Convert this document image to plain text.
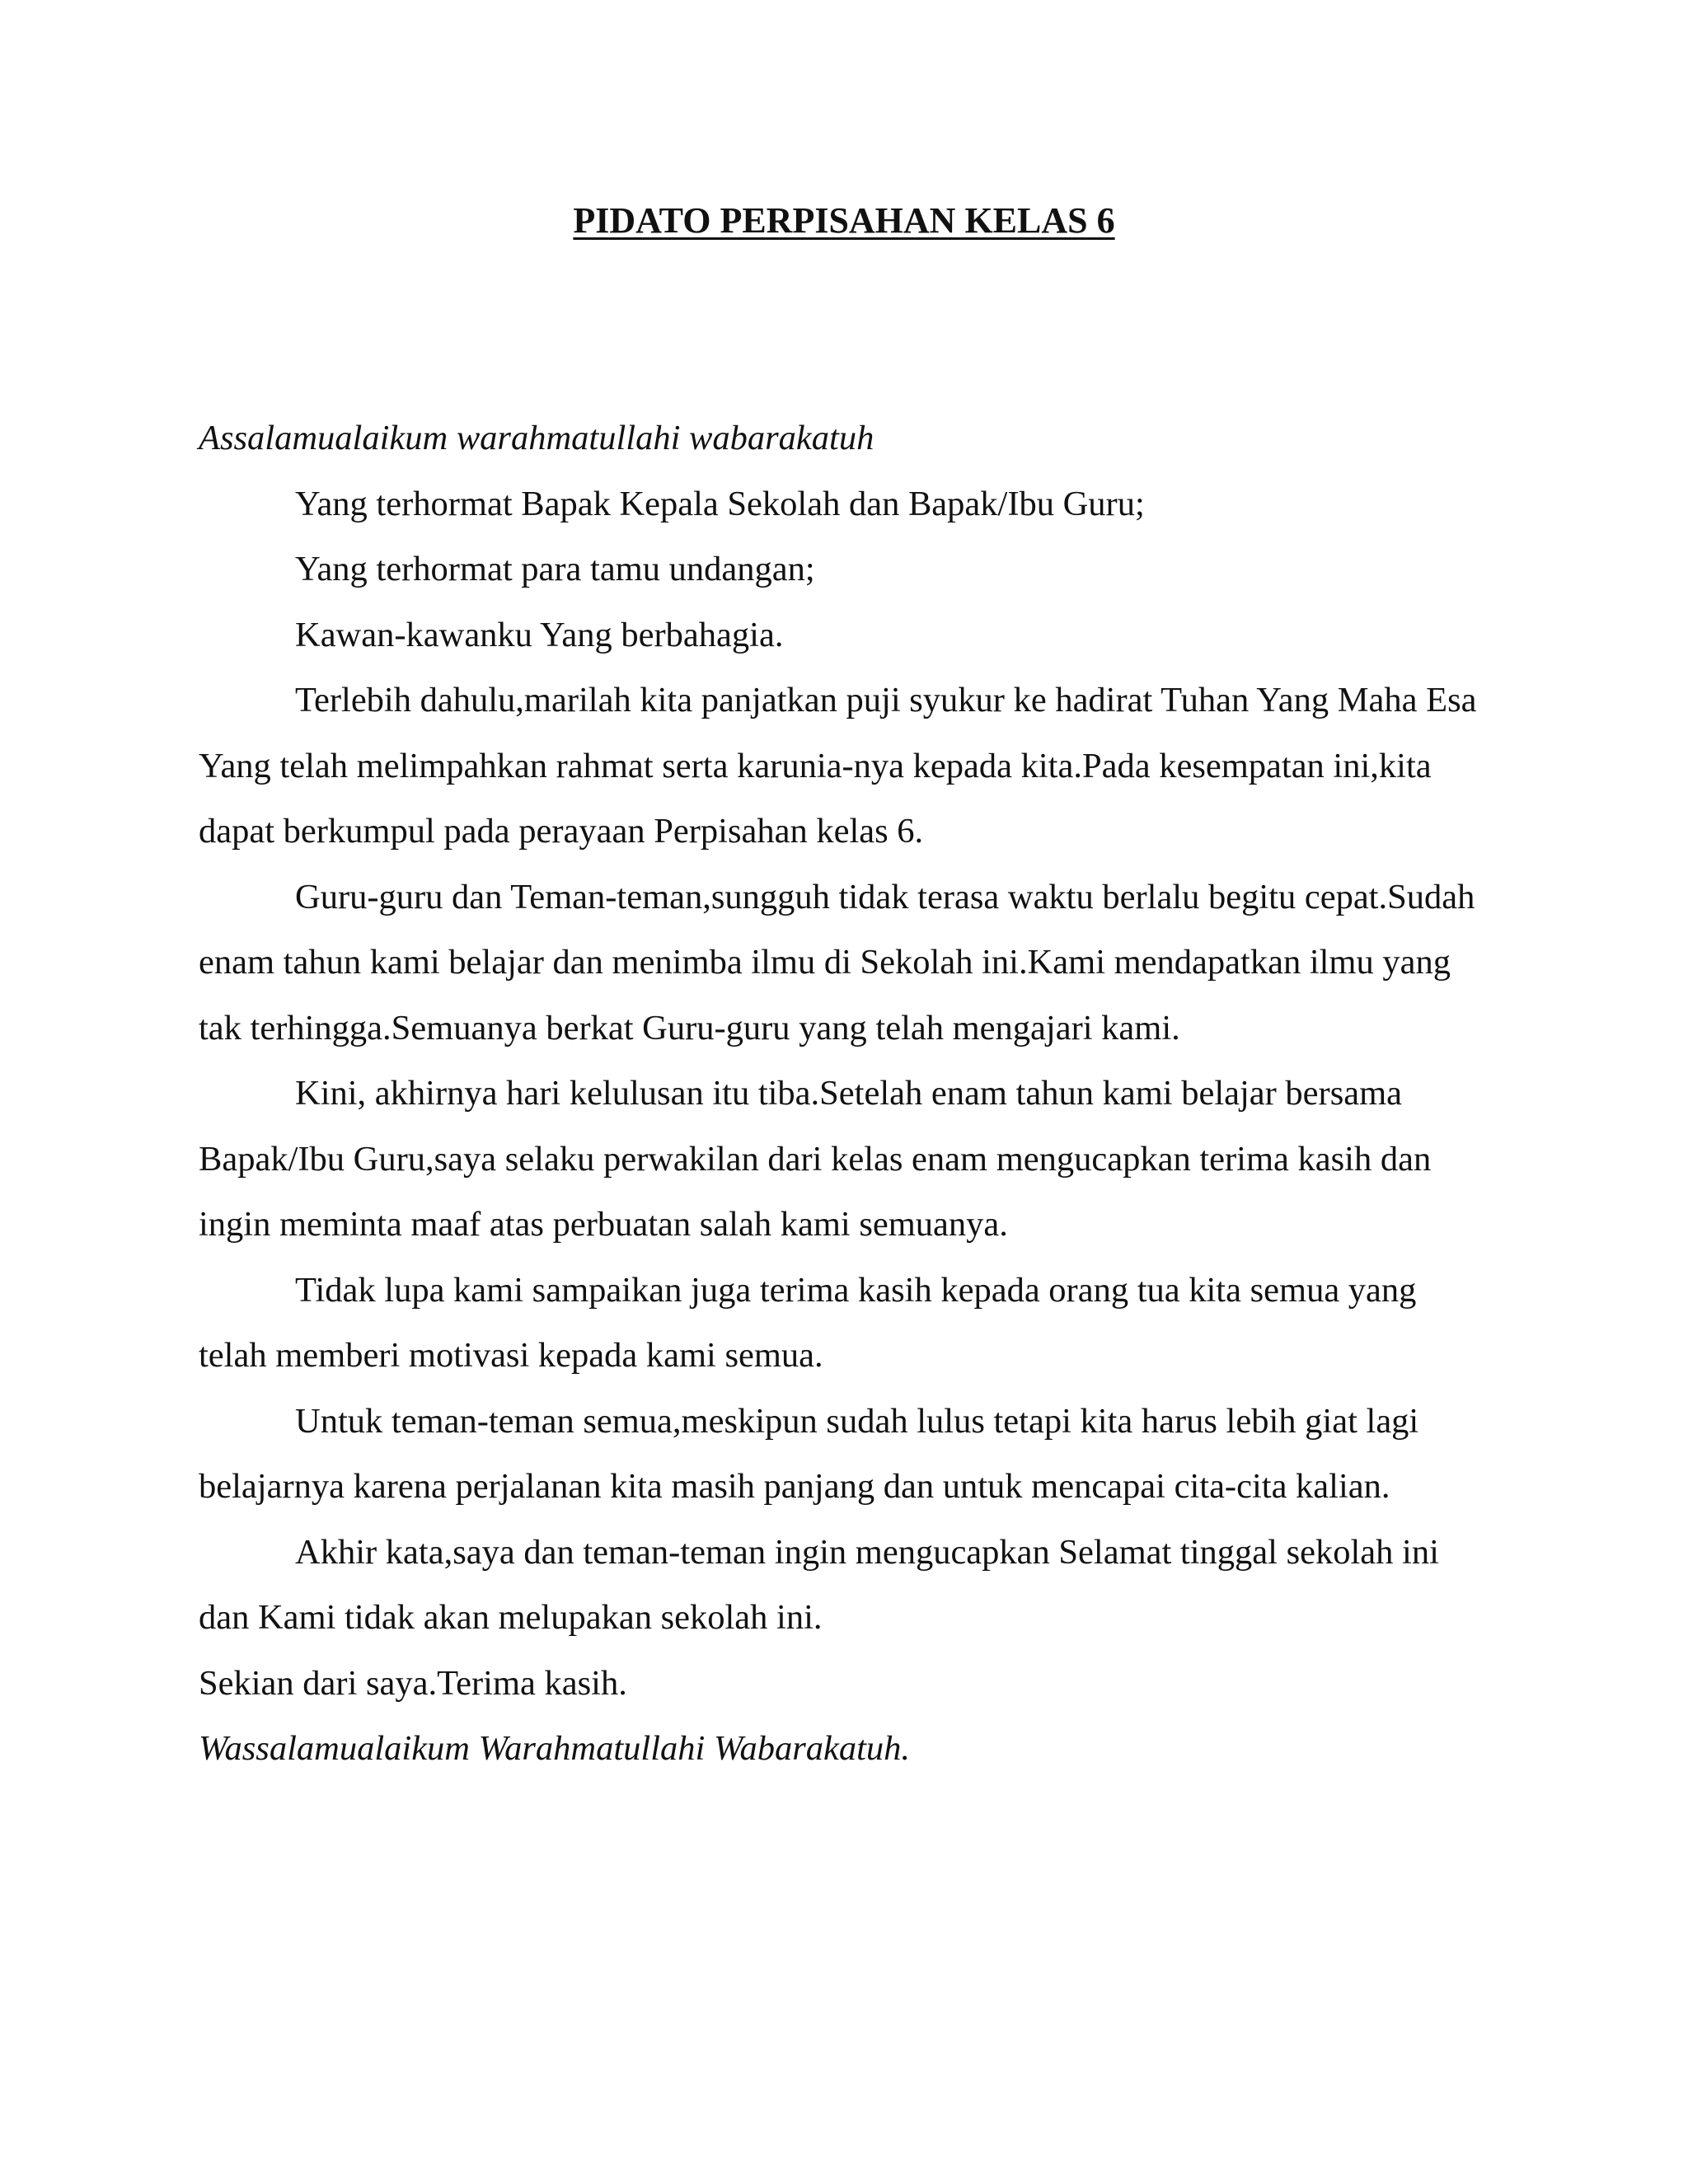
PIDATO PERPISAHAN KELAS 6

Assalamualaikum warahmatullahi wabarakatuh

Yang terhormat Bapak Kepala Sekolah dan Bapak/Ibu Guru;

Yang terhormat para tamu undangan;

Kawan-kawanku Yang berbahagia.

Terlebih dahulu,marilah kita panjatkan puji syukur ke hadirat Tuhan Yang Maha Esa Yang telah melimpahkan rahmat serta karunia-nya kepada kita.Pada kesempatan ini,kita dapat berkumpul pada perayaan Perpisahan kelas 6.

Guru-guru dan Teman-teman,sungguh tidak terasa waktu berlalu begitu cepat.Sudah enam tahun kami belajar dan menimba ilmu di Sekolah ini.Kami mendapatkan ilmu yang tak terhingga.Semuanya berkat Guru-guru yang telah mengajari kami.

Kini, akhirnya hari kelulusan itu tiba.Setelah enam tahun kami belajar bersama Bapak/Ibu Guru,saya selaku perwakilan dari kelas enam mengucapkan terima kasih dan ingin meminta maaf atas perbuatan salah kami semuanya.

Tidak lupa kami sampaikan juga terima kasih kepada orang tua kita semua yang telah memberi motivasi kepada kami semua.

Untuk teman-teman semua,meskipun sudah lulus tetapi kita harus lebih giat lagi belajarnya karena perjalanan kita masih panjang dan untuk mencapai cita-cita kalian.

Akhir kata,saya dan teman-teman ingin mengucapkan Selamat tinggal sekolah ini dan Kami tidak akan melupakan sekolah ini.

Sekian dari saya.Terima kasih.

Wassalamualaikum Warahmatullahi Wabarakatuh.
